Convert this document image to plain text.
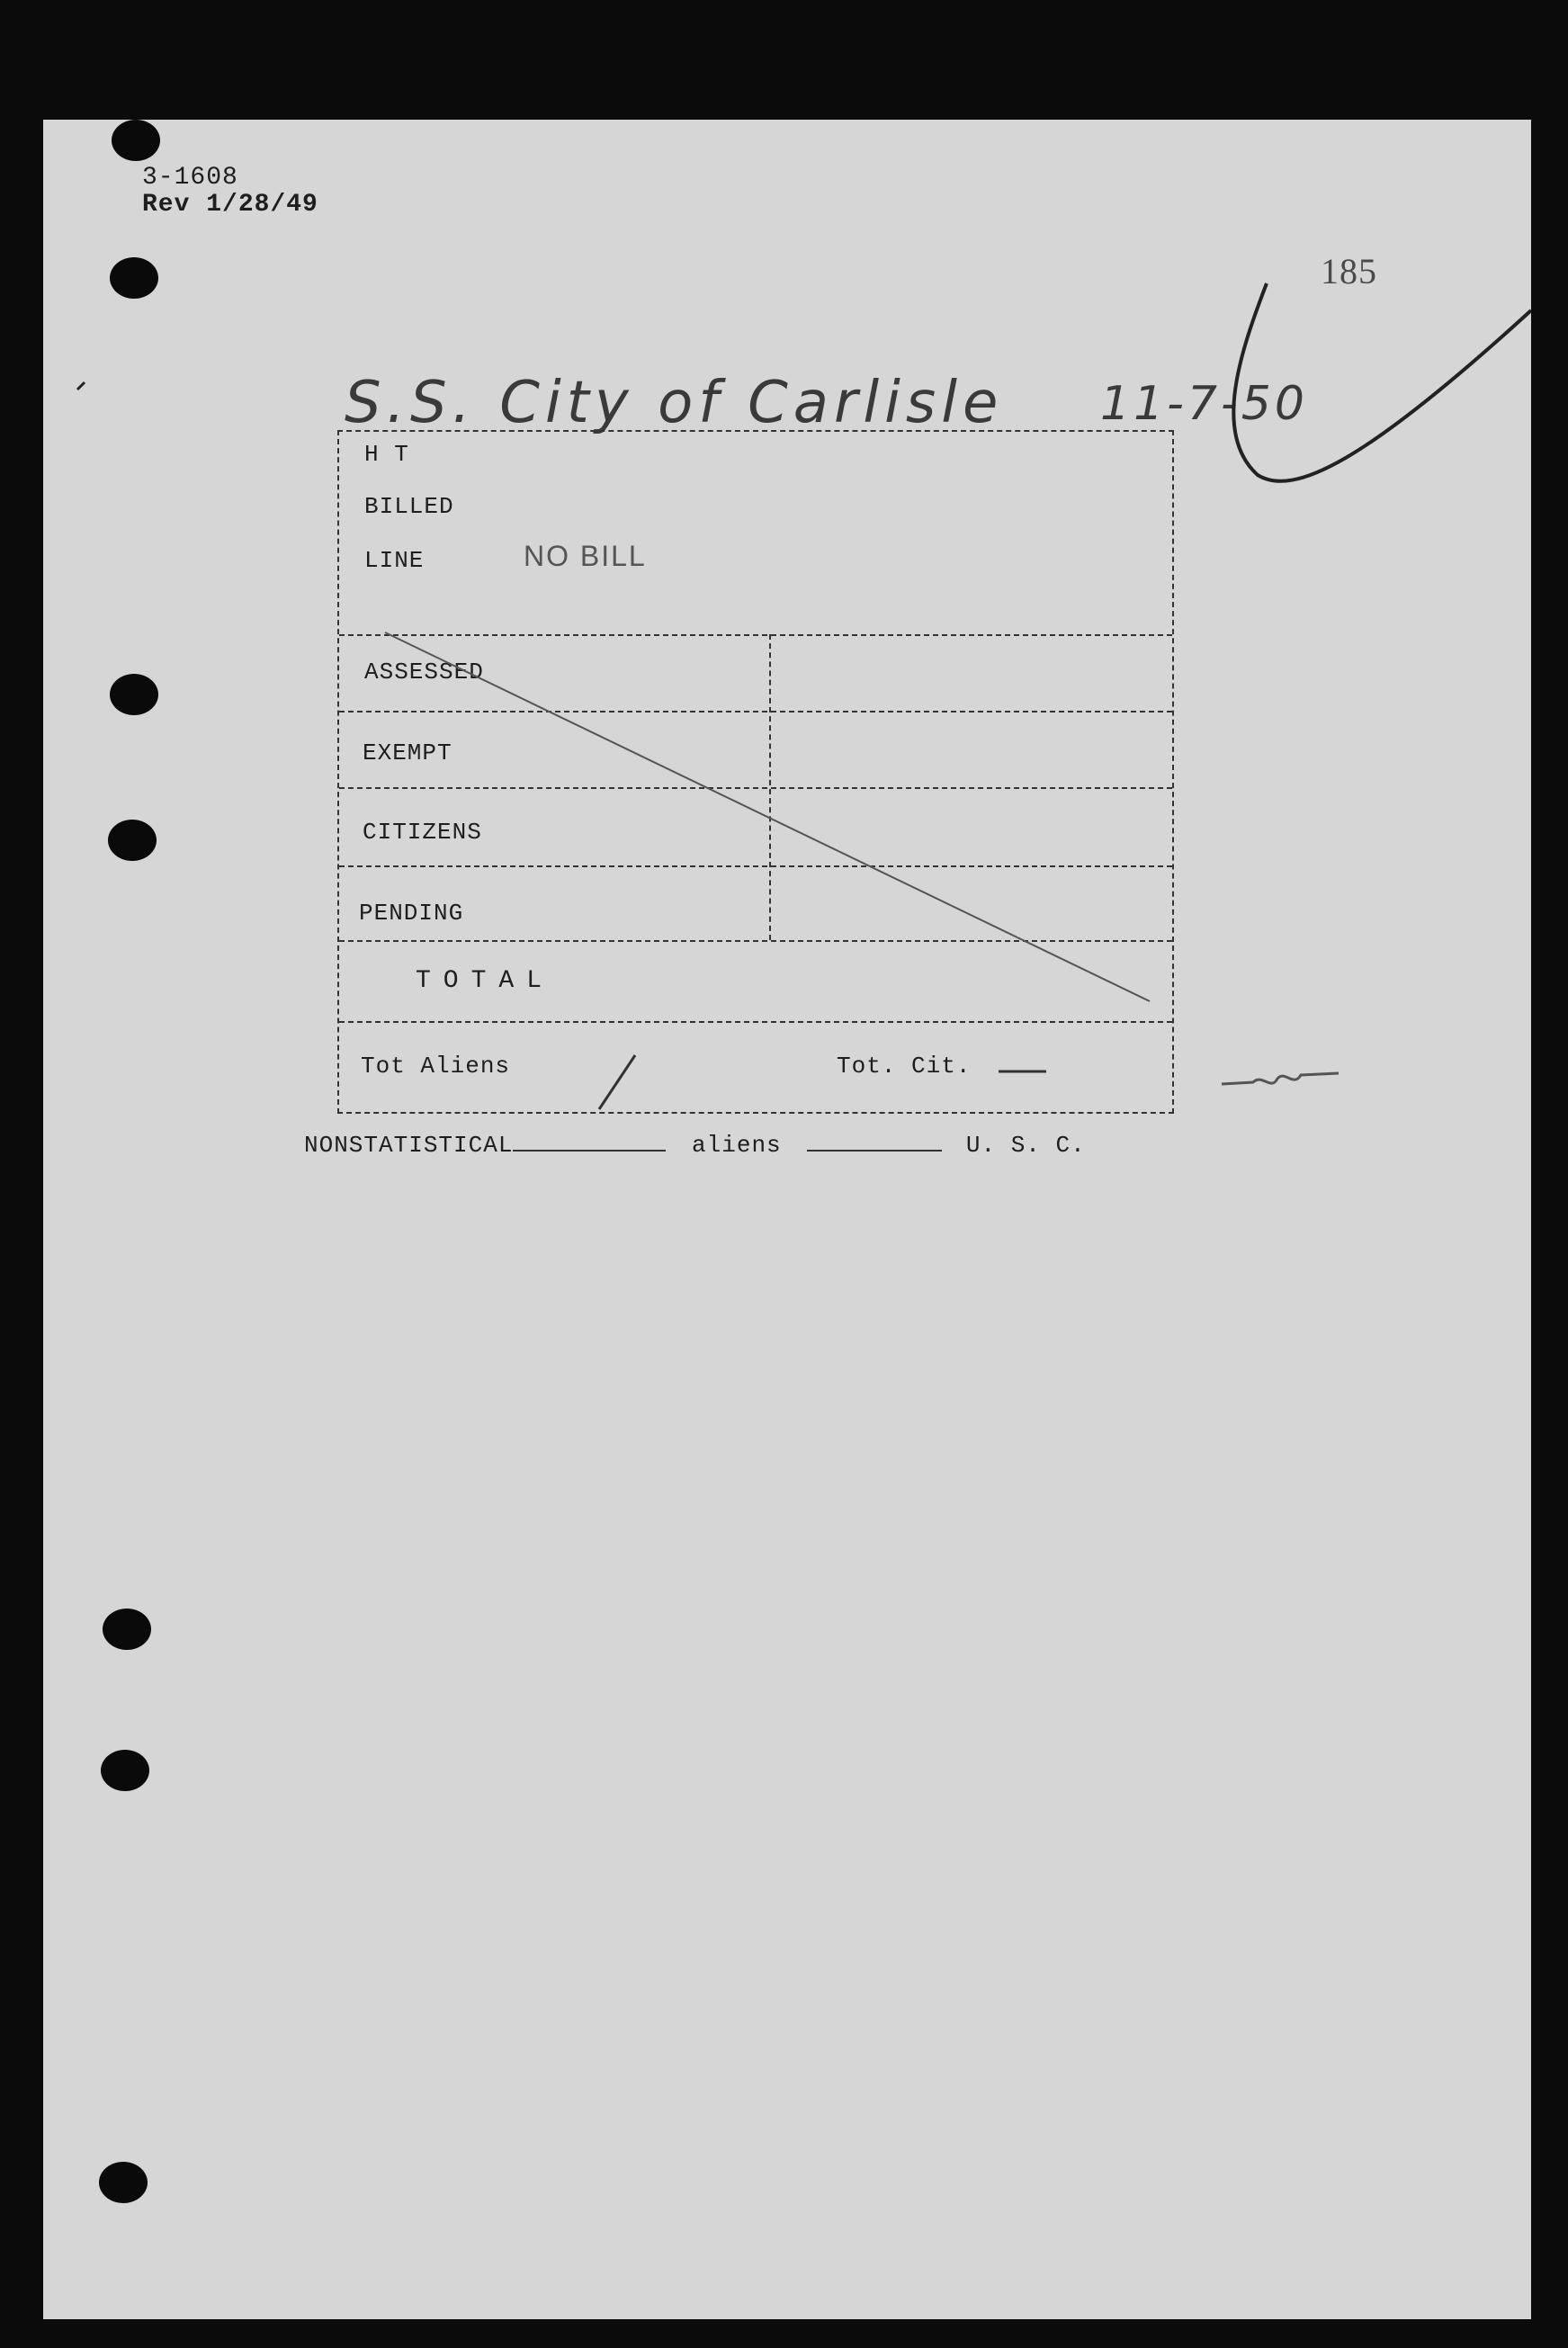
3-1608
Rev 1/28/49
185
S.S. City of Carlisle 11-7-50
H T
BILLED
LINE	NO BILL
ASSESSED
EXEMPT
CITIZENS
PENDING
TOTAL
Tot Aliens	Tot. Cit.
NONSTATISTICAL	aliens	U. S. C.
